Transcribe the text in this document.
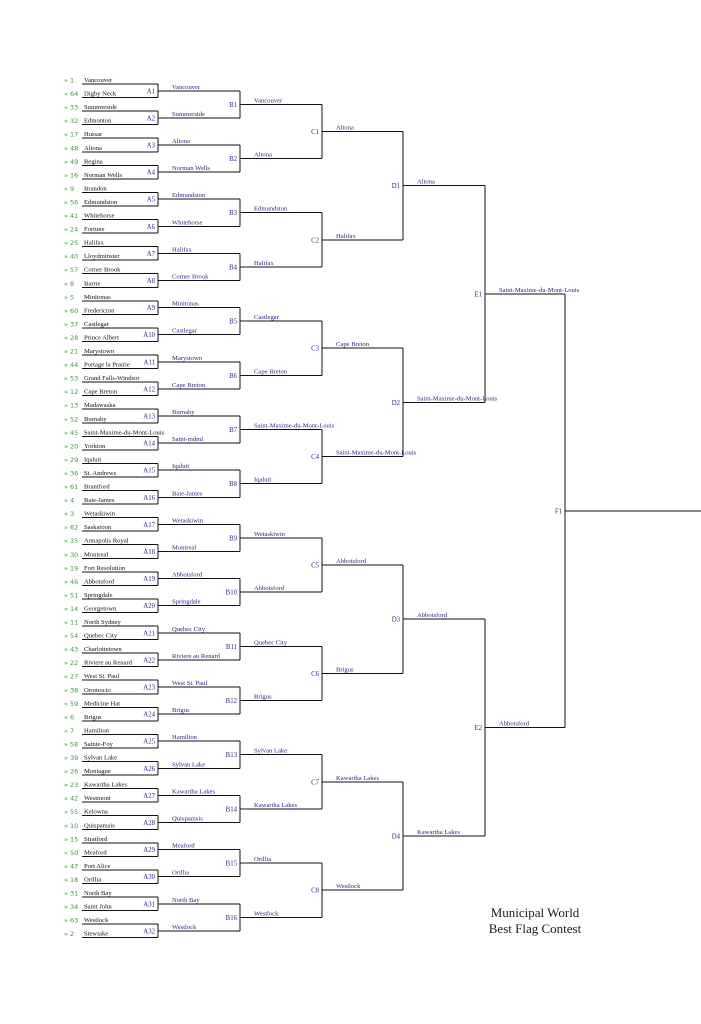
» 1 Vancouver
» 64 Digby Neck
» 33 Summerside
» 32 Edmonton
» 17 Hussar
» 48 Altona
» 49 Regina
» 16 Norman Wells
» 9 Brandon
» 56 Edmundston
» 41 Whitehorse
» 24 Fortune
» 25 Halifax
» 40 Lloydminster
» 57 Corner Brook
» 8 Barrie
» 5 Minitonas
» 60 Fredericton
» 37 Castlegar
» 28 Prince Albert
» 21 Marystown
» 44 Portage la Prairie
» 53 Grand Falls-Windsor
» 12 Cape Breton
» 13 Madawaska
» 52 Burnaby
» 45 Saint-Maxime-du-Mont-Louis
» 20 Yorkton
» 29 Iqaluit
» 36 St. Andrews
» 61 Brantford
» 4 Baie-James
» 3 Wetaskiwin
» 62 Saskatoon
» 35 Annapolis Royal
» 30 Montreal
» 19 Fort Resolution
» 46 Abbotsford
» 51 Springdale
» 14 Georgetown
» 11 North Sydney
» 54 Quebec City
» 43 Charlottetown
» 22 Riviere au Renard
» 27 West St. Paul
» 38 Oromocto
» 59 Medicine Hat
» 6 Brigus
» 7 Hamilton
» 58 Sainte-Foy
» 39 Sylvan Lake
» 26 Montague
» 23 Kawartha Lakes
» 42 Westmont
» 55 Kelowna
» 10 Quispamsis
» 15 Stratford
» 50 Meaford
» 47 Port Alice
» 18 Orillia
» 31 North Bay
» 34 Saint John
» 63 Westlock
» 2 Stewiake
A1
Vancouver
A2
Summerside
A3
Altona
A4
Norman Wells
A5
Edmundston
A6
Whitehorse
A7
Halifax
A8
Corner Brook
A9
Minitonas
A10
Castlegar
A11
Marystown
A12
Cape Breton
A13
Burnaby
A14
Saint-mdml
A15
Iqaluit
A16
Baie-James
A17
Wetaskiwin
A18
Montreal
A19
Abbotsford
A20
Springdale
A21
Quebec City
A22
Riviere au Renard
A23
West St. Paul
A24
Brigus
A25
Hamilton
A26
Sylvan Lake
A27
Kawartha Lakes
A28
Quispamsis
A29
Meaford
A30
Orillia
A31
North Bay
A32
Westlock
B1
Vancouver
B2
Altona
B3
Edmundston
B4
Halifax
B5
Castlegar
B6
Cape Breton
B7
Saint-Maxime-du-Mont-Louis
B8
Iqaluit
B9
Wetaskiwin
B10
Abbotsford
B11
Quebec City
B12
Brigus
B13
Sylvan Lake
B14
Kawartha Lakes
B15
Orillia
B16
Westlock
C1
Altona
C2
Halifax
C3
Cape Breton
C4
Saint-Maxime-du-Mont-Louis
C5
Abbotsford
C6
Brigus
C7
Kawartha Lakes
C8
Westlock
D1
Altona
D2
Saint-Maxime-du-Mont-Louis
D3
Abbotsford
D4
Kawartha Lakes
E1
Saint-Maxime-du-Mont-Louis
E2
Abbotsford
F1
Municipal World
Best Flag Contest
